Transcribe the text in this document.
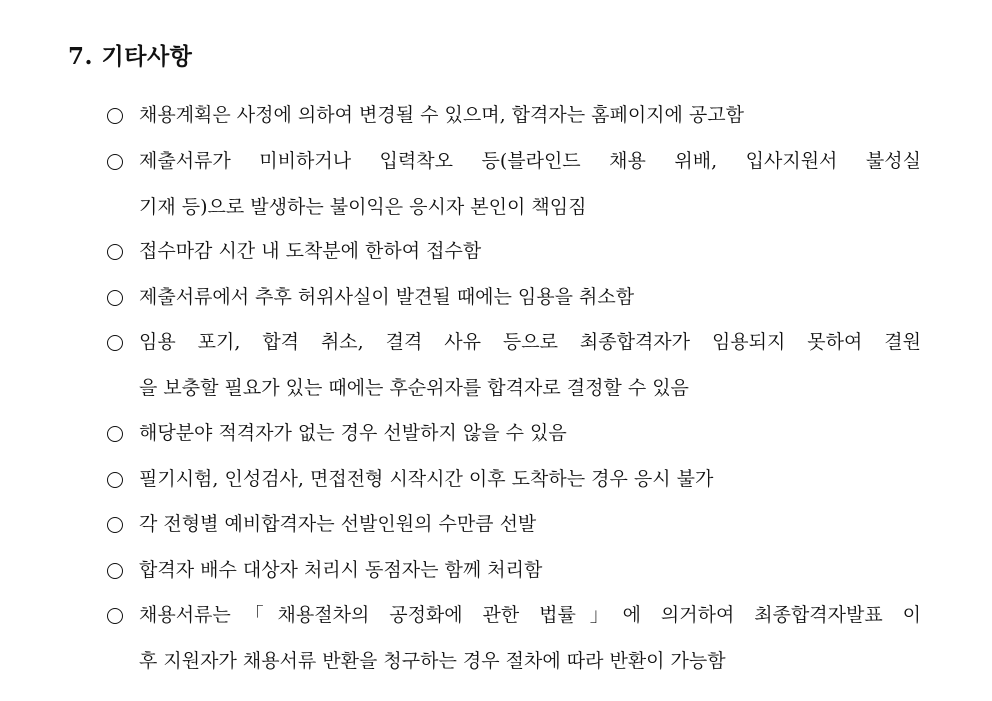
7. 기타사항
채용계획은 사정에 의하여 변경될 수 있으며, 합격자는 홈페이지에 공고함
제출서류가 미비하거나 입력착오 등(블라인드 채용 위배, 입사지원서 불성실
기재 등)으로 발생하는 불이익은 응시자 본인이 책임짐
접수마감 시간 내 도착분에 한하여 접수함
제출서류에서 추후 허위사실이 발견될 때에는 임용을 취소함
임용 포기, 합격 취소, 결격 사유 등으로 최종합격자가 임용되지 못하여 결원
을 보충할 필요가 있는 때에는 후순위자를 합격자로 결정할 수 있음
해당분야 적격자가 없는 경우 선발하지 않을 수 있음
필기시험, 인성검사, 면접전형 시작시간 이후 도착하는 경우 응시 불가
각 전형별 예비합격자는 선발인원의 수만큼 선발
합격자 배수 대상자 처리시 동점자는 함께 처리함
채용서류는「채용절차의 공정화에 관한 법률」에 의거하여 최종합격자발표 이
후 지원자가 채용서류 반환을 청구하는 경우 절차에 따라 반환이 가능함
